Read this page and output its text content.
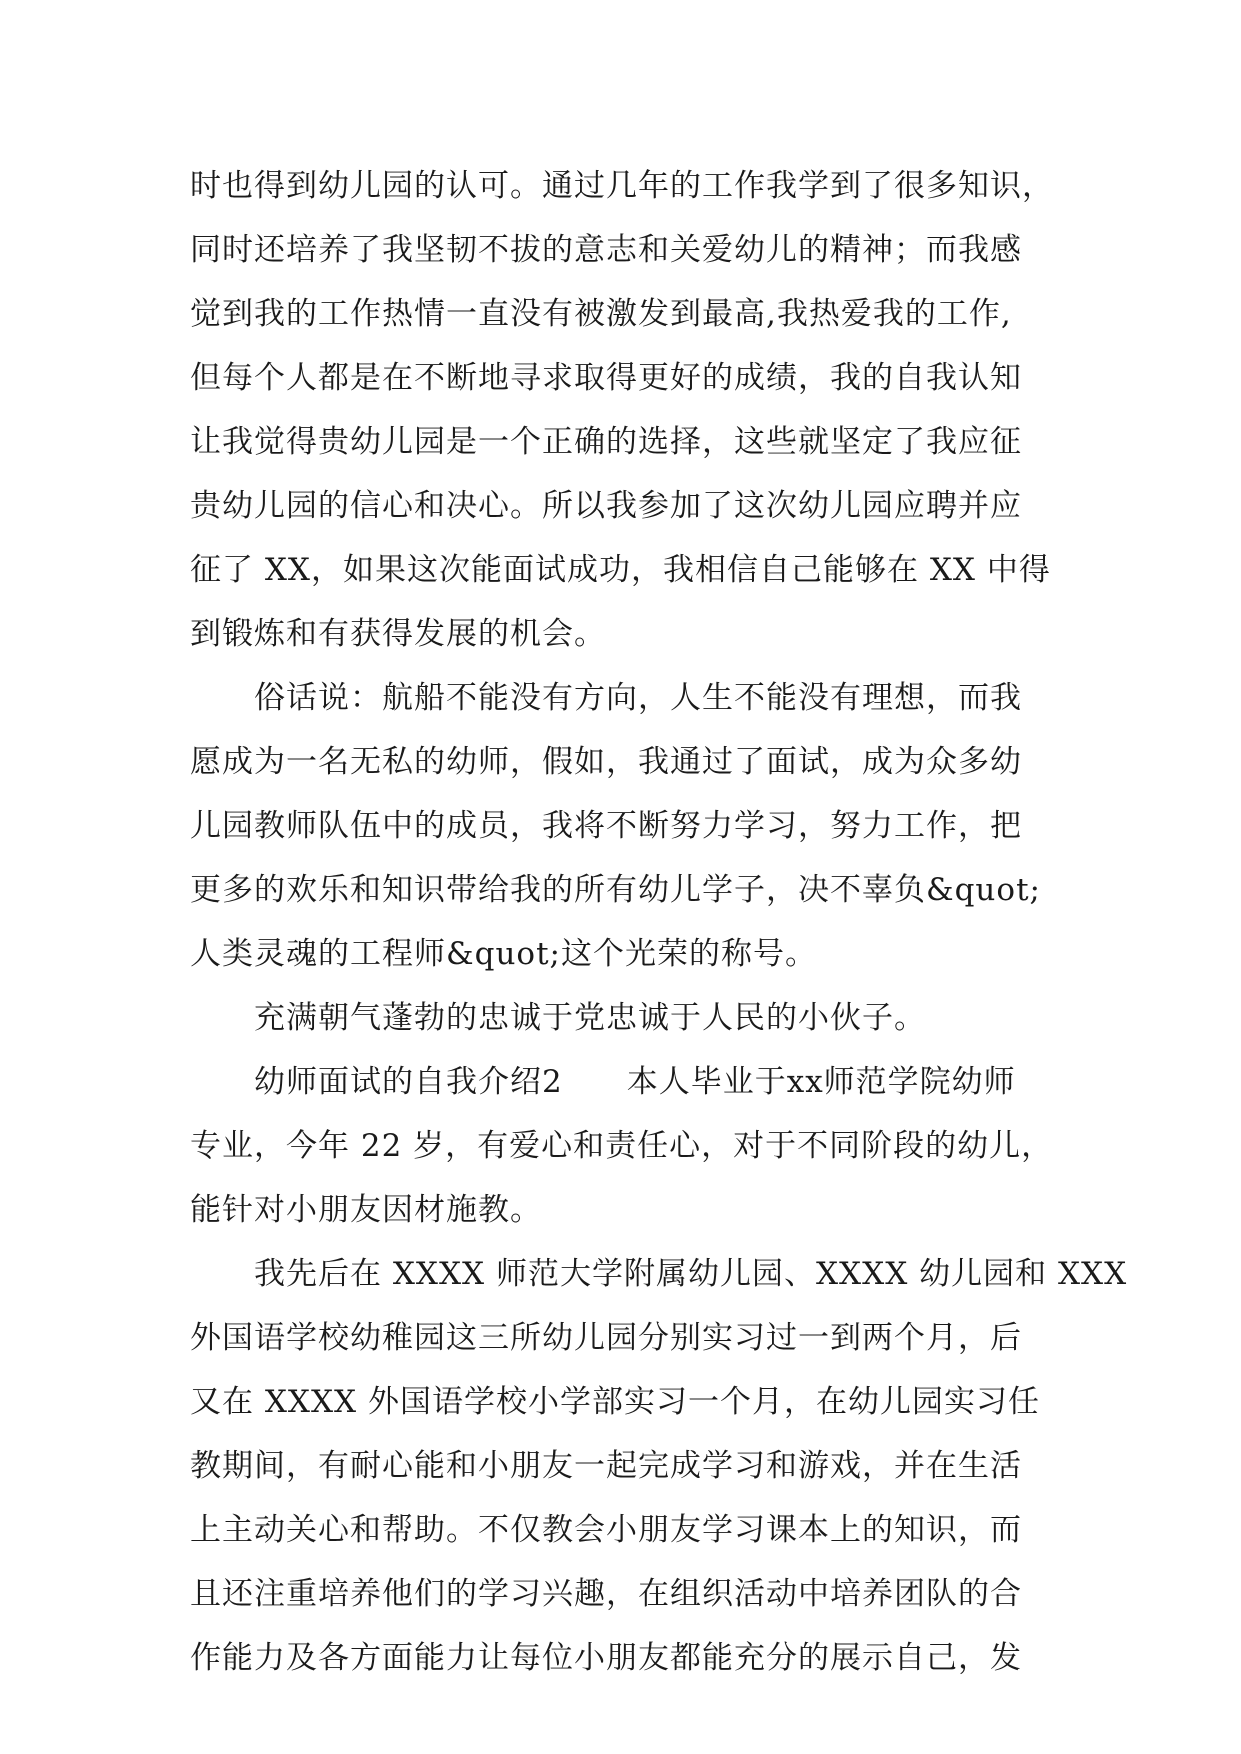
时也得到幼儿园的认可。通过几年的工作我学到了很多知识，
同时还培养了我坚韧不拔的意志和关爱幼儿的精神；而我感
觉到我的工作热情一直没有被激发到最高,我热爱我的工作,
但每个人都是在不断地寻求取得更好的成绩，我的自我认知
让我觉得贵幼儿园是一个正确的选择，这些就坚定了我应征
贵幼儿园的信心和决心。所以我参加了这次幼儿园应聘并应
征了 XX，如果这次能面试成功，我相信自己能够在 XX 中得
到锻炼和有获得发展的机会。
俗话说：航船不能没有方向，人生不能没有理想，而我
愿成为一名无私的幼师，假如，我通过了面试，成为众多幼
儿园教师队伍中的成员，我将不断努力学习，努力工作，把
更多的欢乐和知识带给我的所有幼儿学子，决不辜负&quot;
人类灵魂的工程师&quot;这个光荣的称号。
充满朝气蓬勃的忠诚于党忠诚于人民的小伙子。
幼师面试的自我介绍2　　本人毕业于xx师范学院幼师
专业，今年 22 岁，有爱心和责任心，对于不同阶段的幼儿，
能针对小朋友因材施教。
我先后在 XXXX 师范大学附属幼儿园、XXXX 幼儿园和 XXX
外国语学校幼稚园这三所幼儿园分别实习过一到两个月，后
又在 XXXX 外国语学校小学部实习一个月，在幼儿园实习任
教期间，有耐心能和小朋友一起完成学习和游戏，并在生活
上主动关心和帮助。不仅教会小朋友学习课本上的知识，而
且还注重培养他们的学习兴趣，在组织活动中培养团队的合
作能力及各方面能力让每位小朋友都能充分的展示自己，发
